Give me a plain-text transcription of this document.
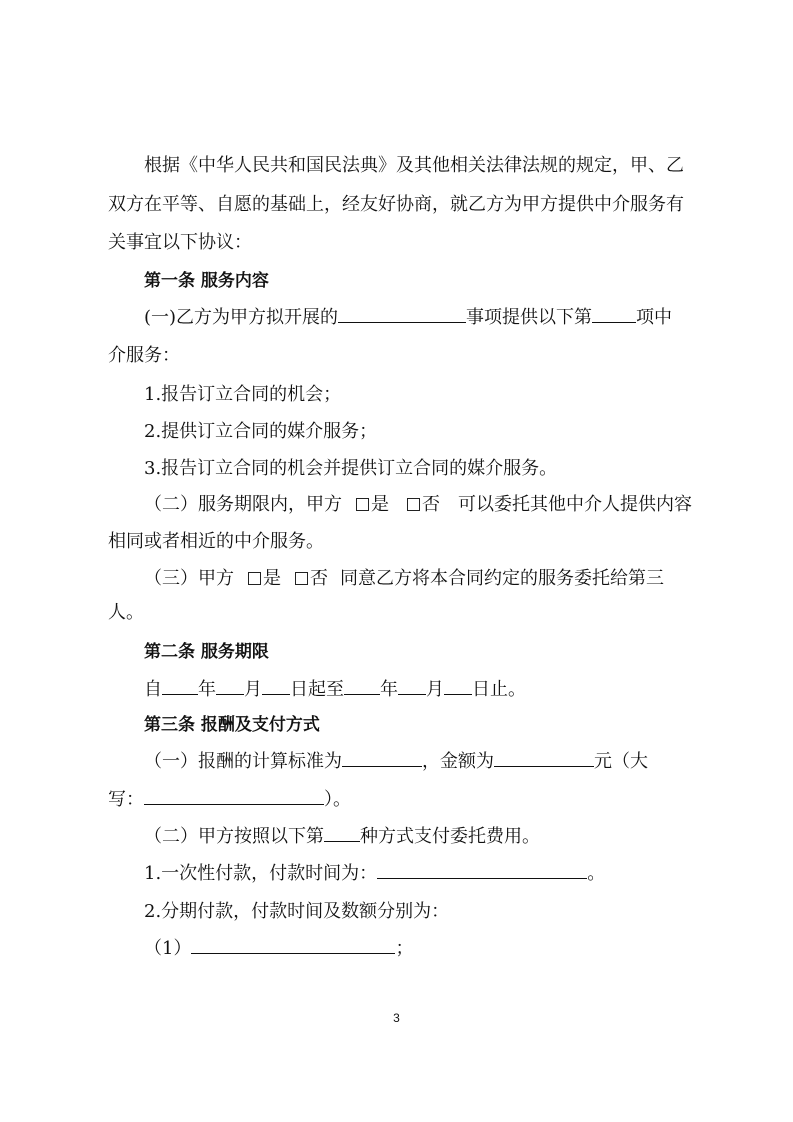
根据《中华人民共和国民法典》及其他相关法律法规的规定，甲、乙
双方在平等、自愿的基础上，经友好协商，就乙方为甲方提供中介服务有
关事宜以下协议：
第一条 服务内容
(一)乙方为甲方拟开展的	事项提供以下第 项中
介服务：
1.报告订立合同的机会；
2.提供订立合同的媒介服务；
3.报告订立合同的机会并提供订立合同的媒介服务。
（二）服务期限内，甲方 是 否 可以委托其他中介人提供内容
相同或者相近的中介服务。
（三）甲方 是 否 同意乙方将本合同约定的服务委托给第三
人。
第二条 服务期限
自 年 月 日起至 年 月 日止。
第三条 报酬及支付方式
（一）报酬的计算标准为	，金额为	元（大
写：	）。
（二）甲方按照以下第 种方式支付委托费用。
1.一次性付款，付款时间为：	。
2.分期付款，付款时间及数额分别为：
（1）	；
3
